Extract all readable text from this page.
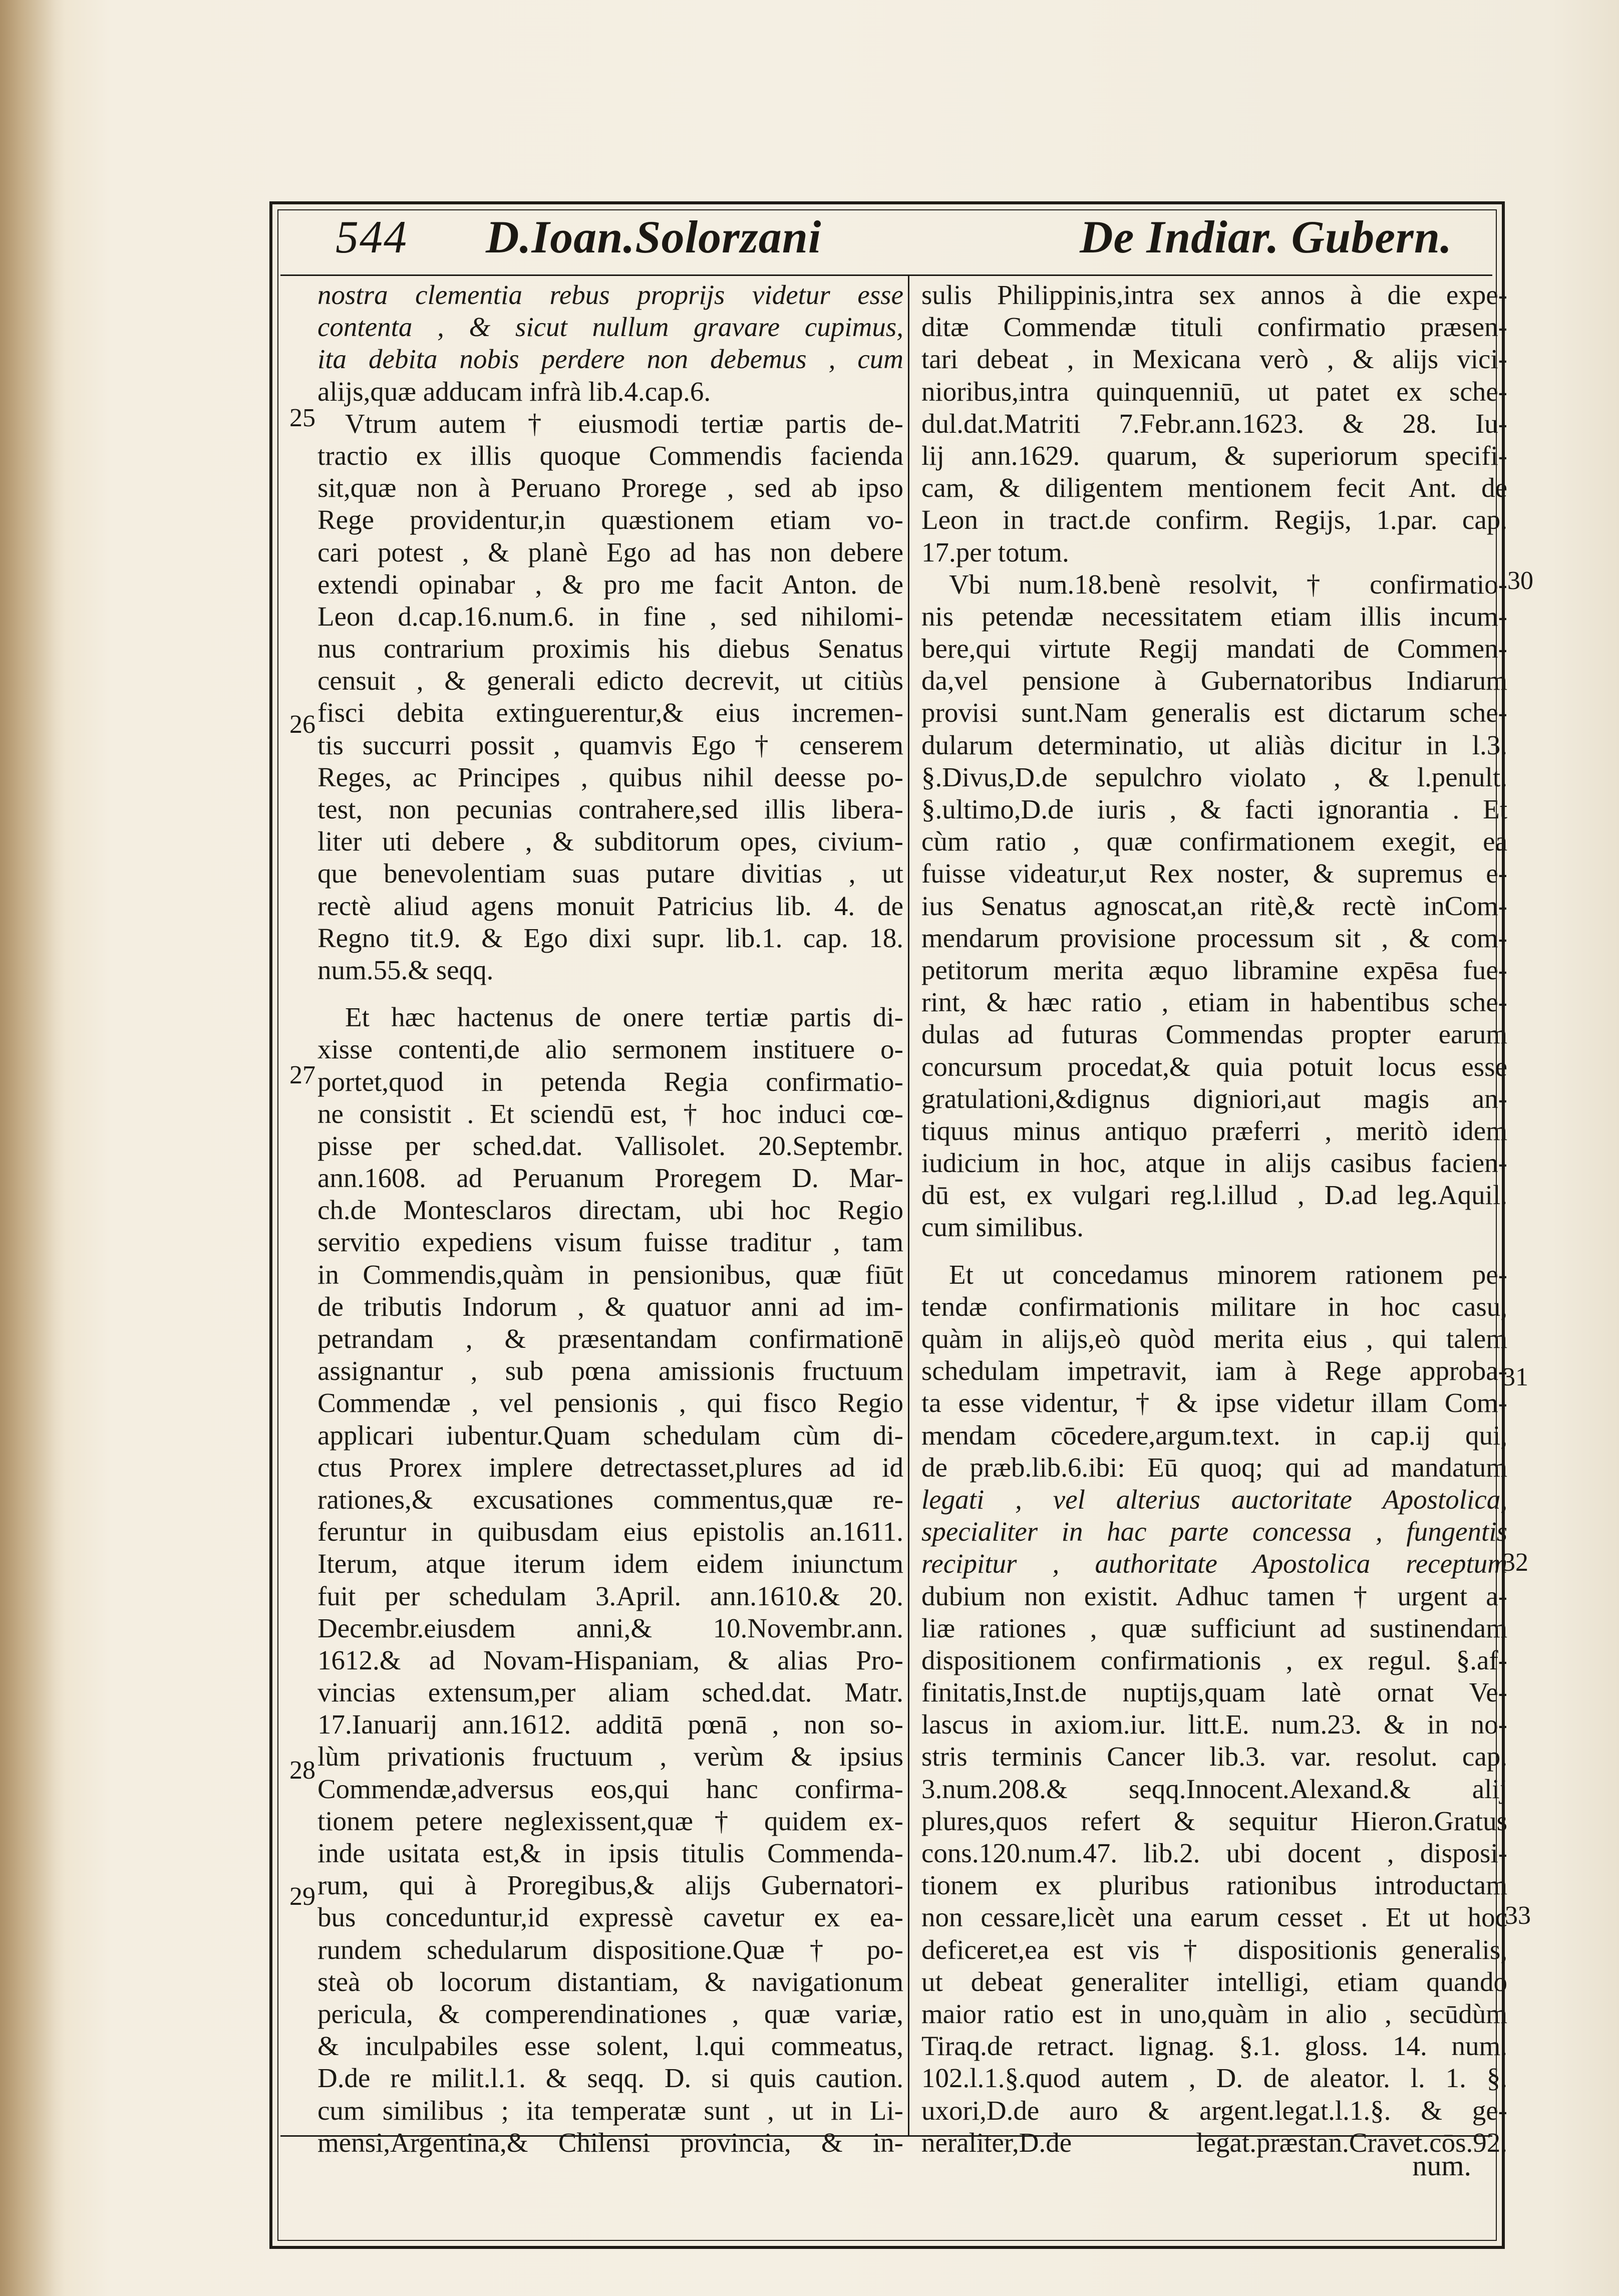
544 D.Ioan.Solorzani	De Indiar. Gubern.
nostra clementia rebus proprijs videtur esse
contenta , & sicut nullum gravare cupimus,
ita debita nobis perdere non debemus , cum
alijs,quæ adducam infrà lib.4.cap.6.
Vtrum autem † eiusmodi tertiæ partis de-
tractio ex illis quoque Commendis facienda
sit,quæ non à Peruano Prorege , sed ab ipso
Rege providentur,in quæstionem etiam vo-
cari potest , & planè Ego ad has non debere
extendi opinabar , & pro me facit Anton. de
Leon d.cap.16.num.6. in fine , sed nihilomi-
nus contrarium proximis his diebus Senatus
censuit , & generali edicto decrevit, ut citiùs
fisci debita extinguerentur,& eius incremen-
tis succurri possit , quamvis Ego † censerem
Reges, ac Principes , quibus nihil deesse po-
test, non pecunias contrahere,sed illis libera-
liter uti debere , & subditorum opes, civium-
que benevolentiam suas putare divitias , ut
rectè aliud agens monuit Patricius lib. 4. de
Regno tit.9. & Ego dixi supr. lib.1. cap. 18.
num.55.& seqq.
Et hæc hactenus de onere tertiæ partis di-
xisse contenti,de alio sermonem instituere o-
portet,quod in petenda Regia confirmatio-
ne consistit . Et sciendū est, † hoc induci cœ-
pisse per sched.dat. Vallisolet. 20.Septembr.
ann.1608. ad Peruanum Proregem D. Mar-
ch.de Montesclaros directam, ubi hoc Regio
servitio expediens visum fuisse traditur , tam
in Commendis,quàm in pensionibus, quæ fiūt
de tributis Indorum , & quatuor anni ad im-
petrandam , & præsentandam confirmationē
assignantur , sub pœna amissionis fructuum
Commendæ , vel pensionis , qui fisco Regio
applicari iubentur.Quam schedulam cùm di-
ctus Prorex implere detrectasset,plures ad id
rationes,& excusationes commentus,quæ re-
feruntur in quibusdam eius epistolis an.1611.
Iterum, atque iterum idem eidem iniunctum
fuit per schedulam 3.April. ann.1610.& 20.
Decembr.eiusdem anni,& 10.Novembr.ann.
1612.& ad Novam-Hispaniam, & alias Pro-
vincias extensum,per aliam sched.dat. Matr.
17.Ianuarij ann.1612. additā pœnā , non so-
lùm privationis fructuum , verùm & ipsius
Commendæ,adversus eos,qui hanc confirma-
tionem petere neglexissent,quæ † quidem ex-
inde usitata est,& in ipsis titulis Commenda-
rum, qui à Proregibus,& alijs Gubernatori-
bus conceduntur,id expressè cavetur ex ea-
rundem schedularum dispositione.Quæ † po-
steà ob locorum distantiam, & navigationum
pericula, & comperendinationes , quæ variæ,
& inculpabiles esse solent, l.qui commeatus,
D.de re milit.l.1. & seqq. D. si quis caution.
cum similibus ; ita temperatæ sunt , ut in Li-
mensi,Argentina,& Chilensi provincia, & in-
sulis Philippinis,intra sex annos à die expe-
ditæ Commendæ tituli confirmatio præsen-
tari debeat , in Mexicana verò , & alijs vici-
nioribus,intra quinquenniū, ut patet ex sche-
dul.dat.Matriti 7.Febr.ann.1623. & 28. Iu-
lij ann.1629. quarum, & superiorum specifi-
cam, & diligentem mentionem fecit Ant. de
Leon in tract.de confirm. Regijs, 1.par. cap.
17.per totum.
Vbi num.18.benè resolvit, † confirmatio-
nis petendæ necessitatem etiam illis incum-
bere,qui virtute Regij mandati de Commen-
da,vel pensione à Gubernatoribus Indiarum
provisi sunt.Nam generalis est dictarum sche-
dularum determinatio, ut aliàs dicitur in l.3.
§.Divus,D.de sepulchro violato , & l.penult.
§.ultimo,D.de iuris , & facti ignorantia . Et
cùm ratio , quæ confirmationem exegit, ea
fuisse videatur,ut Rex noster, & supremus e-
ius Senatus agnoscat,an ritè,& rectè inCom-
mendarum provisione processum sit , & com-
petitorum merita æquo libramine expēsa fue-
rint, & hæc ratio , etiam in habentibus sche-
dulas ad futuras Commendas propter earum
concursum procedat,& quia potuit locus esse
gratulationi,&dignus digniori,aut magis an-
tiquus minus antiquo præferri , meritò idem
iudicium in hoc, atque in alijs casibus facien-
dū est, ex vulgari reg.l.illud , D.ad leg.Aquil.
cum similibus.
Et ut concedamus minorem rationem pe-
tendæ confirmationis militare in hoc casu,
quàm in alijs,eò quòd merita eius , qui talem
schedulam impetravit, iam à Rege approba-
ta esse videntur, † & ipse videtur illam Com-
mendam cōcedere,argum.text. in cap.ij qui,
de præb.lib.6.ibi: Eū quoq; qui ad mandatum
legati , vel alterius auctoritate Apostolica,
specialiter in hac parte concessa , fungentis
recipitur , authoritate Apostolica receptum
dubium non existit. Adhuc tamen † urgent a-
liæ rationes , quæ sufficiunt ad sustinendam
dispositionem confirmationis , ex regul. §.af-
finitatis,Inst.de nuptijs,quam latè ornat Ve-
lascus in axiom.iur. litt.E. num.23. & in no-
stris terminis Cancer lib.3. var. resolut. cap.
3.num.208.& seqq.Innocent.Alexand.& alij
plures,quos refert & sequitur Hieron.Gratus
cons.120.num.47. lib.2. ubi docent , disposi-
tionem ex pluribus rationibus introductam
non cessare,licèt una earum cesset . Et ut hoc
deficeret,ea est vis † dispositionis generalis,
ut debeat generaliter intelligi, etiam quando
maior ratio est in uno,quàm in alio , secūdùm
Tiraq.de retract. lignag. §.1. gloss. 14. num.
102.l.1.§.quod autem , D. de aleator. l. 1. §.
uxori,D.de auro & argent.legat.l.1.§. & ge-
neraliter,D.de legat.præstan.Cravet.cōs.92.
25
26
27
28
29
30
31
32
33
num.
